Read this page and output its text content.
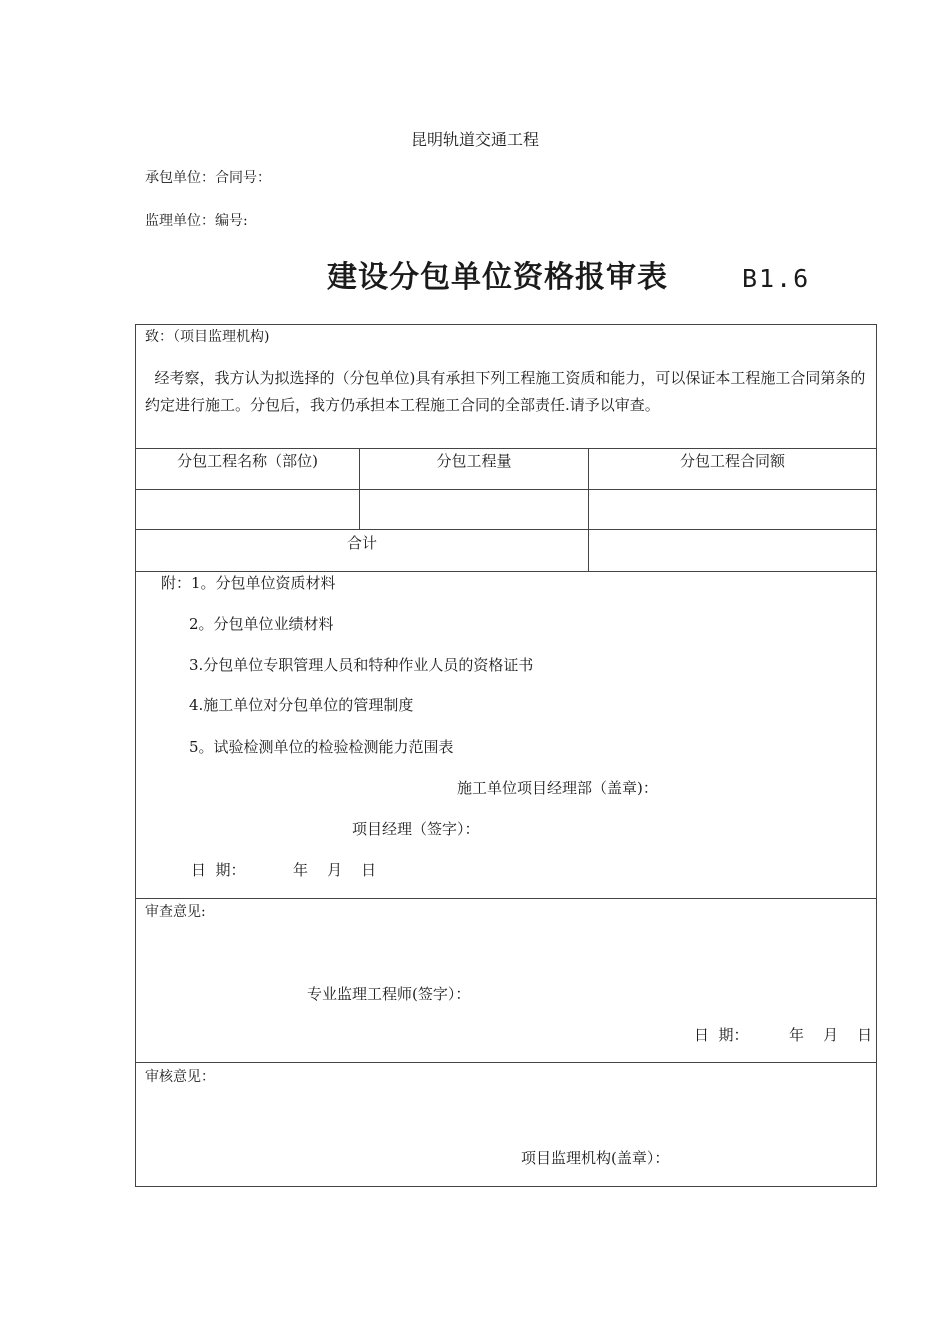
昆明轨道交通工程
承包单位：合同号：
监理单位：编号:
建设分包单位资格报审表	B1.6
致：（项目监理机构)
经考察，我方认为拟选择的（分包单位)具有承担下列工程施工资质和能力，可以保证本工程施工合同第条的约定进行施工。分包后，我方仍承担本工程施工合同的全部责任.请予以审查。
分包工程名称（部位)	分包工程量	分包工程合同额
合计
附：1。分包单位资质材料
2。分包单位业绩材料
3.分包单位专职管理人员和特种作业人员的资格证书
4.施工单位对分包单位的管理制度
5。试验检测单位的检验检测能力范围表
施工单位项目经理部（盖章)：
项目经理（签字）：
日  期：	年    月    日
审查意见:
专业监理工程师(签字）：
日  期：	年    月    日
审核意见：
项目监理机构(盖章）：
